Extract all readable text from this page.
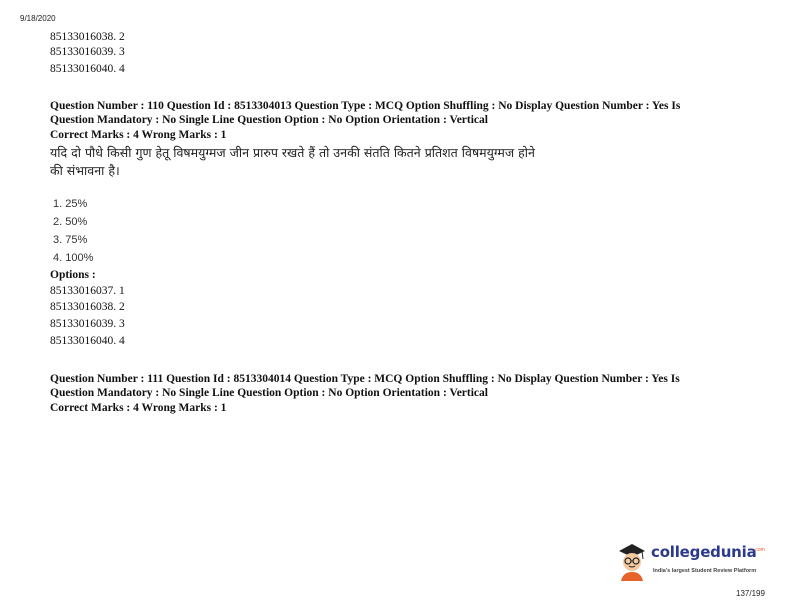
9/18/2020
85133016038. 2
85133016039. 3
85133016040. 4
Question Number : 110 Question Id : 8513304013 Question Type : MCQ Option Shuffling : No Display Question Number : Yes Is
Question Mandatory : No Single Line Question Option : No Option Orientation : Vertical
Correct Marks : 4 Wrong Marks : 1
यदि दो पौधे किसी गुण हेतू विषमयुग्मज जीन प्रारुप रखते हैं तो उनकी संतति कितने प्रतिशत विषमयुग्मज होने
की संभावना है।
1. 25%
2. 50%
3. 75%
4. 100%
Options :
85133016037. 1
85133016038. 2
85133016039. 3
85133016040. 4
Question Number : 111 Question Id : 8513304014 Question Type : MCQ Option Shuffling : No Display Question Number : Yes Is
Question Mandatory : No Single Line Question Option : No Option Orientation : Vertical
Correct Marks : 4 Wrong Marks : 1
collegedunia
.com
India's largest Student Review Platform
137/199
